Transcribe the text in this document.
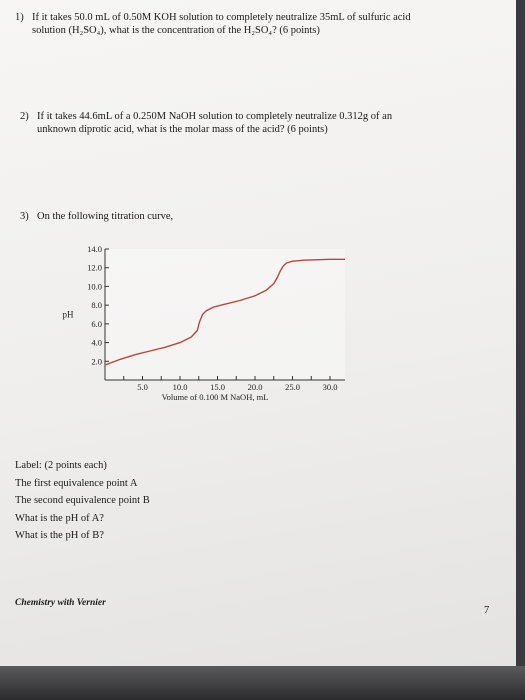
1) If it takes 50.0 mL of 0.50M KOH solution to completely neutralize 35mL of sulfuric acid
solution (H₂SO₄), what is the concentration of the H₂SO₄? (6 points)
2) If it takes 44.6mL of a 0.250M NaOH solution to completely neutralize 0.312g of an
unknown diprotic acid, what is the molar mass of the acid? (6 points)
3) On the following titration curve,
2.0
4.0
6.0
8.0
10.0
12.0
14.0
5.0	10.0	15.0	20.0	25.0	30.0
Volume of 0.100 M NaOH, mL
pH
Label: (2 points each)
The first equivalence point A
The second equivalence point B
What is the pH of A?
What is the pH of B?
Chemistry with Vernier
7
